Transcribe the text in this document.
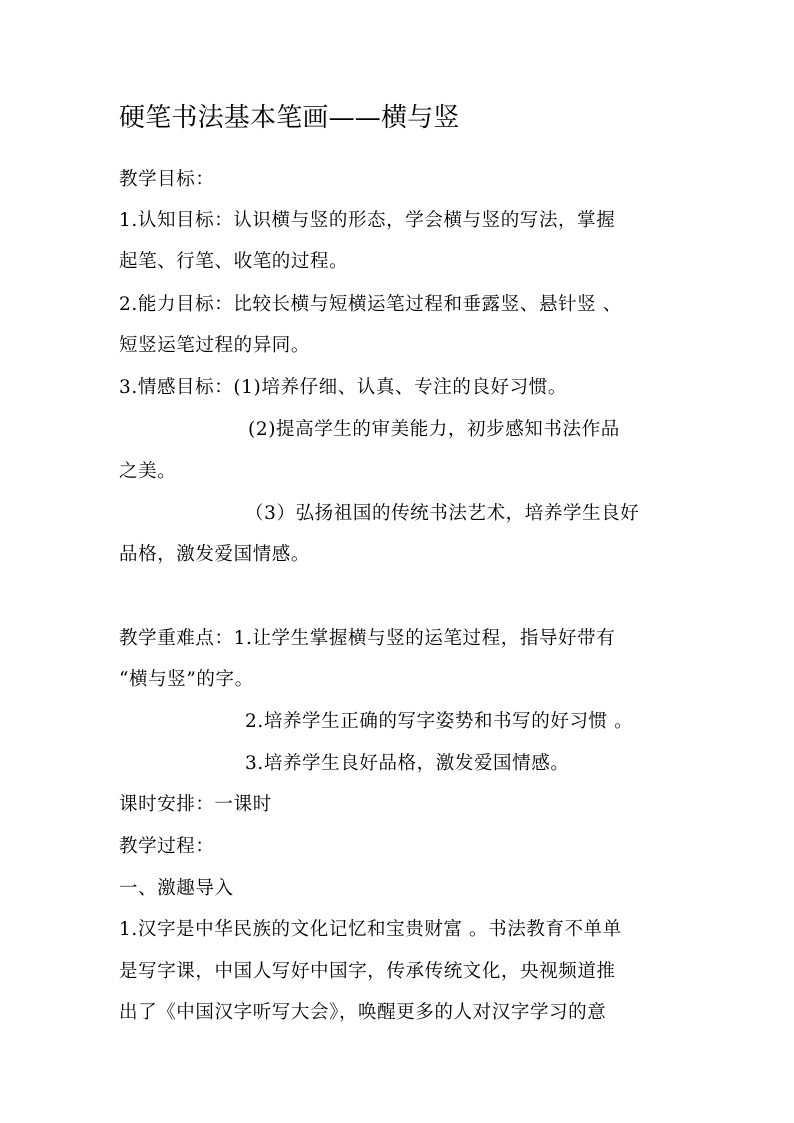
硬笔书法基本笔画——横与竖
教学目标：
1.认知目标：认识横与竖的形态，学会横与竖的写法，掌握
起笔、行笔、收笔的过程。
2.能力目标：比较长横与短横运笔过程和垂露竖、悬针竖 、
短竖运笔过程的异同。
3.情感目标：(1)培养仔细、认真、专注的良好习惯。
(2)提高学生的审美能力，初步感知书法作品
之美。
（3）弘扬祖国的传统书法艺术，培养学生良好
品格，激发爱国情感。
教学重难点：1.让学生掌握横与竖的运笔过程，指导好带有
“横与竖”的字。
2.培养学生正确的写字姿势和书写的好习惯 。
3.培养学生良好品格，激发爱国情感。
课时安排：一课时
教学过程：
一、激趣导入
1.汉字是中华民族的文化记忆和宝贵财富 。书法教育不单单
是写字课，中国人写好中国字，传承传统文化，央视频道推
出了《中国汉字听写大会》，唤醒更多的人对汉字学习的意
